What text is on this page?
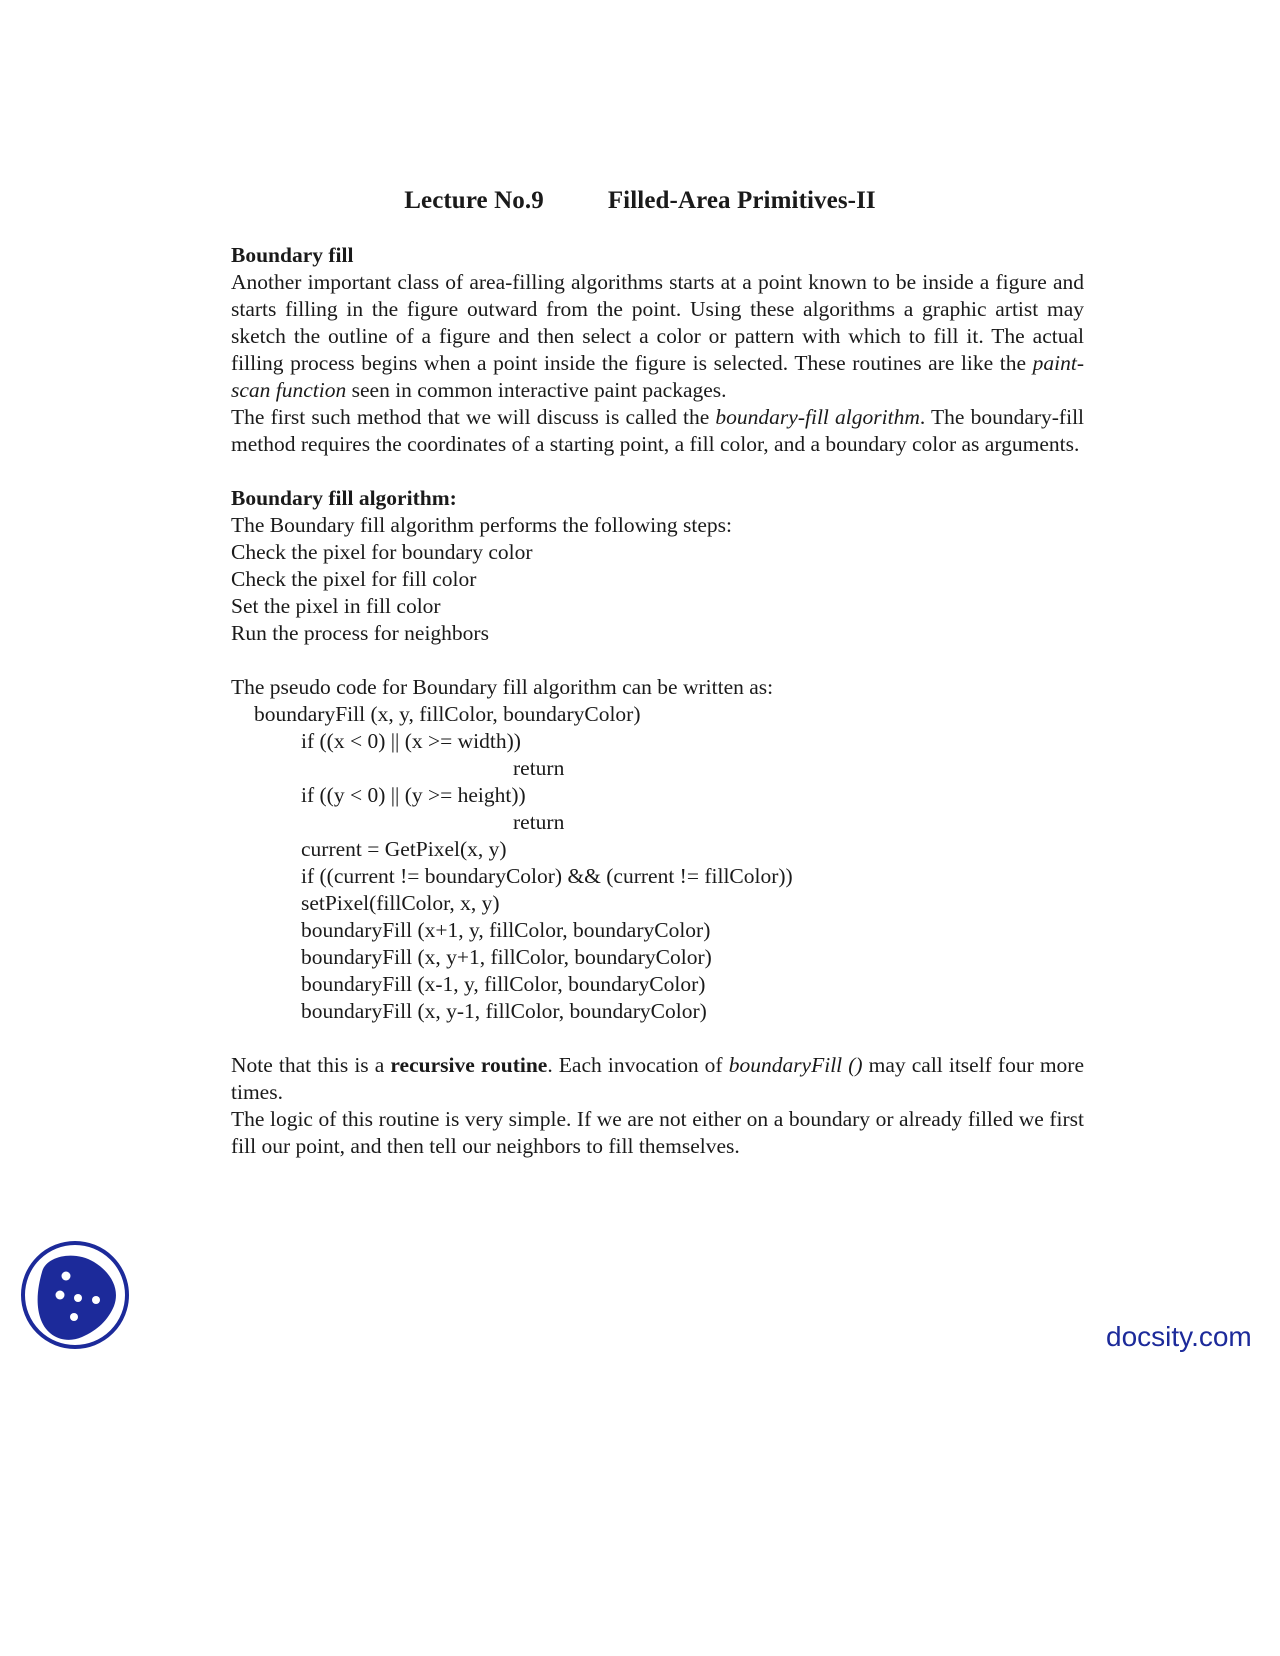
Lecture No.9	Filled-Area Primitives-II
Boundary fill
Another important class of area-filling algorithms starts at a point known to be inside a figure and starts filling in the figure outward from the point. Using these algorithms a graphic artist may sketch the outline of a figure and then select a color or pattern with which to fill it. The actual filling process begins when a point inside the figure is selected. These routines are like the paint-scan function seen in common interactive paint packages.
The first such method that we will discuss is called the boundary-fill algorithm. The boundary-fill method requires the coordinates of a starting point, a fill color, and a boundary color as arguments.
Boundary fill algorithm:
The Boundary fill algorithm performs the following steps:
Check the pixel for boundary color
Check the pixel for fill color
Set the pixel in fill color
Run the process for neighbors
The pseudo code for Boundary fill algorithm can be written as:
boundaryFill (x, y, fillColor, boundaryColor)
if ((x < 0) || (x >= width))
return
if ((y < 0) || (y >= height))
return
current = GetPixel(x, y)
if ((current != boundaryColor) && (current != fillColor))
setPixel(fillColor, x, y)
boundaryFill (x+1, y, fillColor, boundaryColor)
boundaryFill (x, y+1, fillColor, boundaryColor)
boundaryFill (x-1, y, fillColor, boundaryColor)
boundaryFill (x, y-1, fillColor, boundaryColor)
Note that this is a recursive routine. Each invocation of boundaryFill () may call itself four more times.
The logic of this routine is very simple. If we are not either on a boundary or already filled we first fill our point, and then tell our neighbors to fill themselves.
docsity.com
